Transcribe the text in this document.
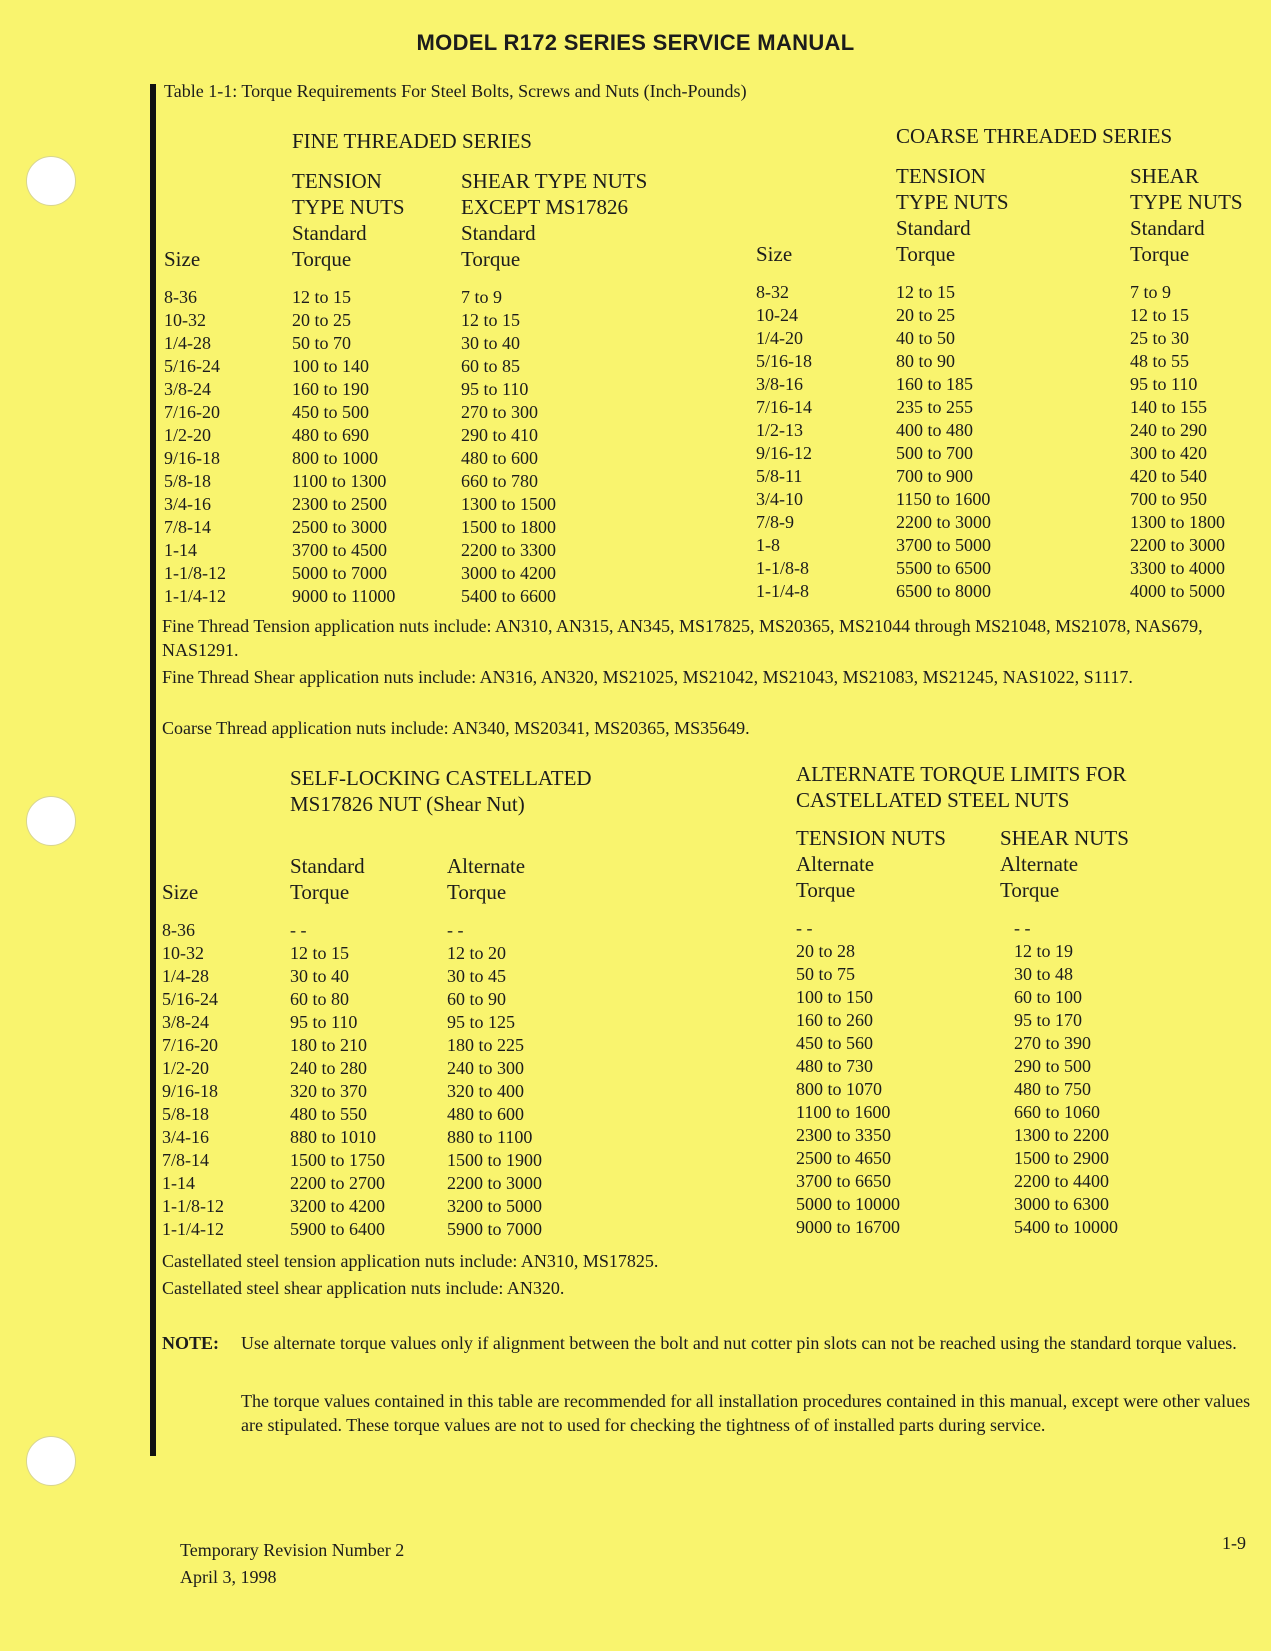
MODEL R172 SERIES SERVICE MANUAL
Table 1-1: Torque Requirements For Steel Bolts, Screws and Nuts (Inch-Pounds)
FINE THREADED SERIES
TENSION
TYPE NUTS
Standard
Torque
SHEAR TYPE NUTS
EXCEPT MS17826
Standard
Torque
Size
8-36
10-32
1/4-28
5/16-24
3/8-24
7/16-20
1/2-20
9/16-18
5/8-18
3/4-16
7/8-14
1-14
1-1/8-12
1-1/4-12
12 to 15
20 to 25
50 to 70
100 to 140
160 to 190
450 to 500
480 to 690
800 to 1000
1100 to 1300
2300 to 2500
2500 to 3000
3700 to 4500
5000 to 7000
9000 to 11000
7 to 9
12 to 15
30 to 40
60 to 85
95 to 110
270 to 300
290 to 410
480 to 600
660 to 780
1300 to 1500
1500 to 1800
2200 to 3300
3000 to 4200
5400 to 6600
COARSE THREADED SERIES
TENSION
TYPE NUTS
Standard
Torque
SHEAR
TYPE NUTS
Standard
Torque
Size
8-32
10-24
1/4-20
5/16-18
3/8-16
7/16-14
1/2-13
9/16-12
5/8-11
3/4-10
7/8-9
1-8
1-1/8-8
1-1/4-8
12 to 15
20 to 25
40 to 50
80 to 90
160 to 185
235 to 255
400 to 480
500 to 700
700 to 900
1150 to 1600
2200 to 3000
3700 to 5000
5500 to 6500
6500 to 8000
7 to 9
12 to 15
25 to 30
48 to 55
95 to 110
140 to 155
240 to 290
300 to 420
420 to 540
700 to 950
1300 to 1800
2200 to 3000
3300 to 4000
4000 to 5000
Fine Thread Tension application nuts include: AN310, AN315, AN345, MS17825, MS20365, MS21044 through MS21048, MS21078, NAS679, NAS1291.
Fine Thread Shear application nuts include: AN316, AN320, MS21025, MS21042, MS21043, MS21083, MS21245, NAS1022, S1117.
Coarse Thread application nuts include: AN340, MS20341, MS20365, MS35649.
SELF-LOCKING CASTELLATED
MS17826 NUT (Shear Nut)
Standard
Torque
Alternate
Torque
Size
8-36
10-32
1/4-28
5/16-24
3/8-24
7/16-20
1/2-20
9/16-18
5/8-18
3/4-16
7/8-14
1-14
1-1/8-12
1-1/4-12
- -
12 to 15
30 to 40
60 to 80
95 to 110
180 to 210
240 to 280
320 to 370
480 to 550
880 to 1010
1500 to 1750
2200 to 2700
3200 to 4200
5900 to 6400
- -
12 to 20
30 to 45
60 to 90
95 to 125
180 to 225
240 to 300
320 to 400
480 to 600
880 to 1100
1500 to 1900
2200 to 3000
3200 to 5000
5900 to 7000
ALTERNATE TORQUE LIMITS FOR
CASTELLATED STEEL NUTS
TENSION NUTS
Alternate
Torque
SHEAR NUTS
Alternate
Torque
- -
20 to 28
50 to 75
100 to 150
160 to 260
450 to 560
480 to 730
800 to 1070
1100 to 1600
2300 to 3350
2500 to 4650
3700 to 6650
5000 to 10000
9000 to 16700
- -
12 to 19
30 to 48
60 to 100
95 to 170
270 to 390
290 to 500
480 to 750
660 to 1060
1300 to 2200
1500 to 2900
2200 to 4400
3000 to 6300
5400 to 10000
Castellated steel tension application nuts include: AN310, MS17825.
Castellated steel shear application nuts include: AN320.
NOTE: Use alternate torque values only if alignment between the bolt and nut cotter pin slots can not be reached using the standard torque values.
The torque values contained in this table are recommended for all installation procedures contained in this manual, except were other values are stipulated. These torque values are not to used for checking the tightness of of installed parts during service.
Temporary Revision Number 2
April 3, 1998
1-9
